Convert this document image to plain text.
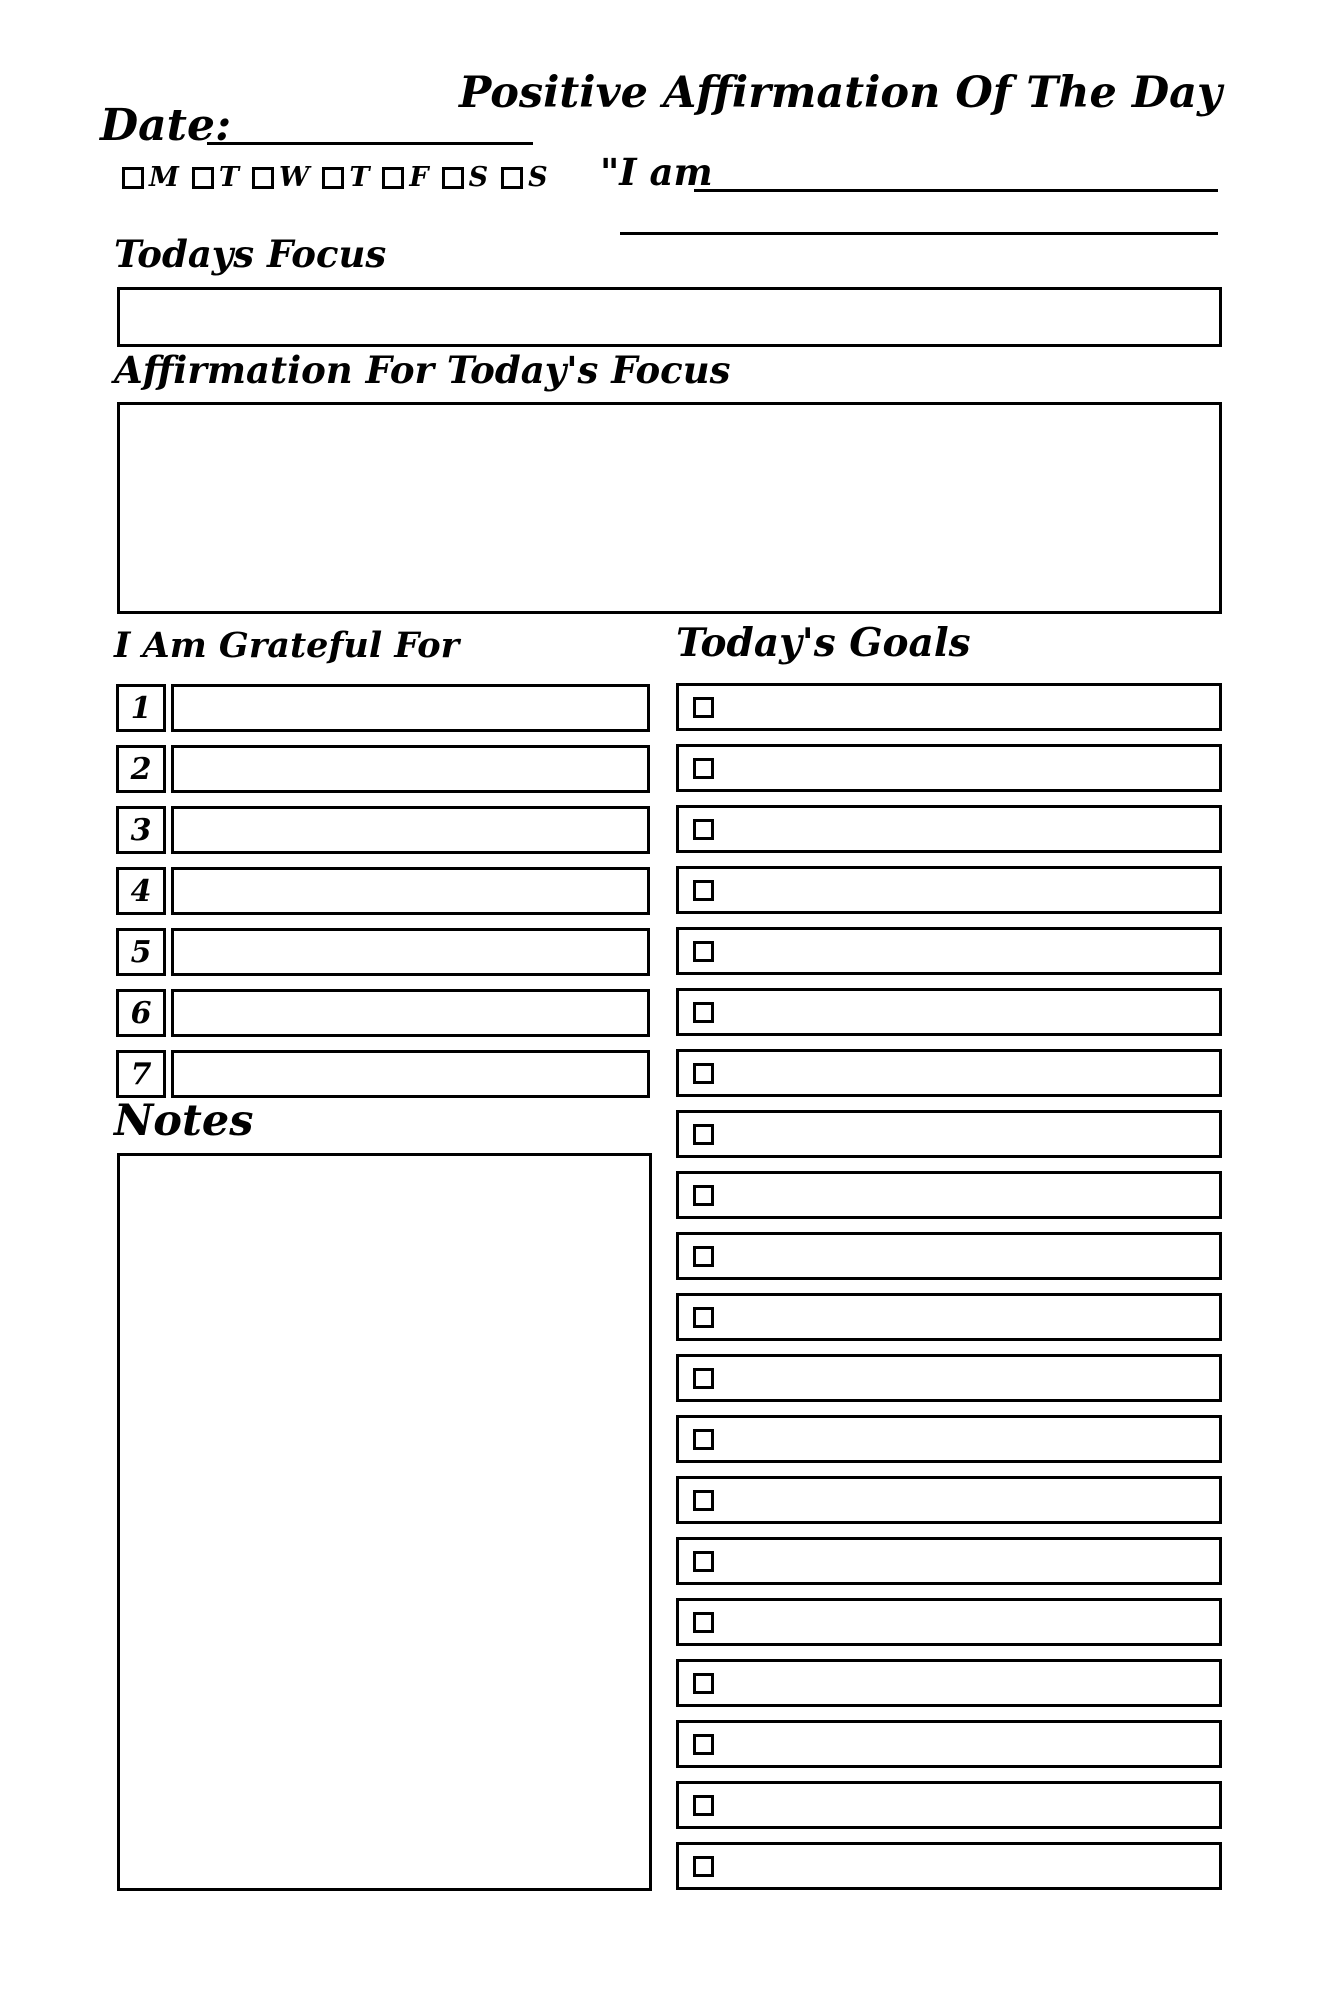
Date:
M T W T F S S
Positive Affirmation Of The Day
"I am
Todays Focus
Affirmation For Today's Focus
I Am Grateful For	Today's Goals
1
2
3
4
5
6
7
Notes
